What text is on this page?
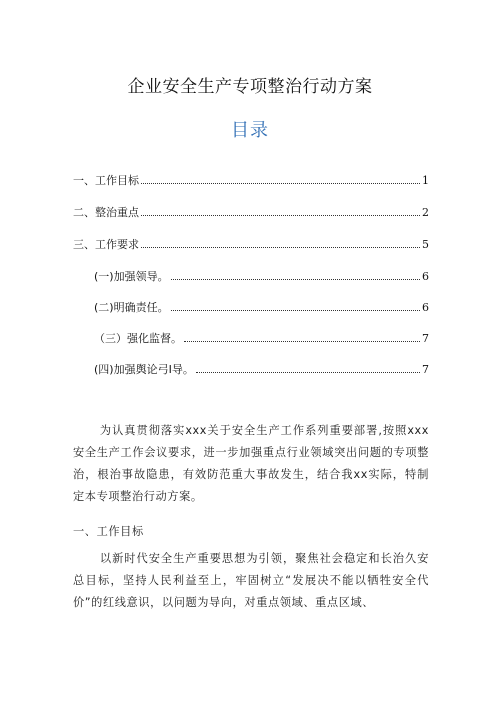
企业安全生产专项整治行动方案
目录
一、工作目标	1
二、整治重点	2
三、工作要求	5
(一)加强领导。	6
(二)明确责任。	6
（三）强化监督。	7
(四)加强舆论弓I导。	7

为认真贯彻落实xxx关于安全生产工作系列重要部署,按照xxx安全生产工作会议要求，进一步加强重点行业领域突出问题的专项整治，根治事故隐患，有效防范重大事故发生，结合我xx实际，特制定本专项整治行动方案。

一、工作目标

以新时代安全生产重要思想为引领，聚焦社会稳定和长治久安总目标，坚持人民利益至上，牢固树立“发展决不能以牺牲安全代价”的红线意识，以问题为导向，对重点领域、重点区域、
